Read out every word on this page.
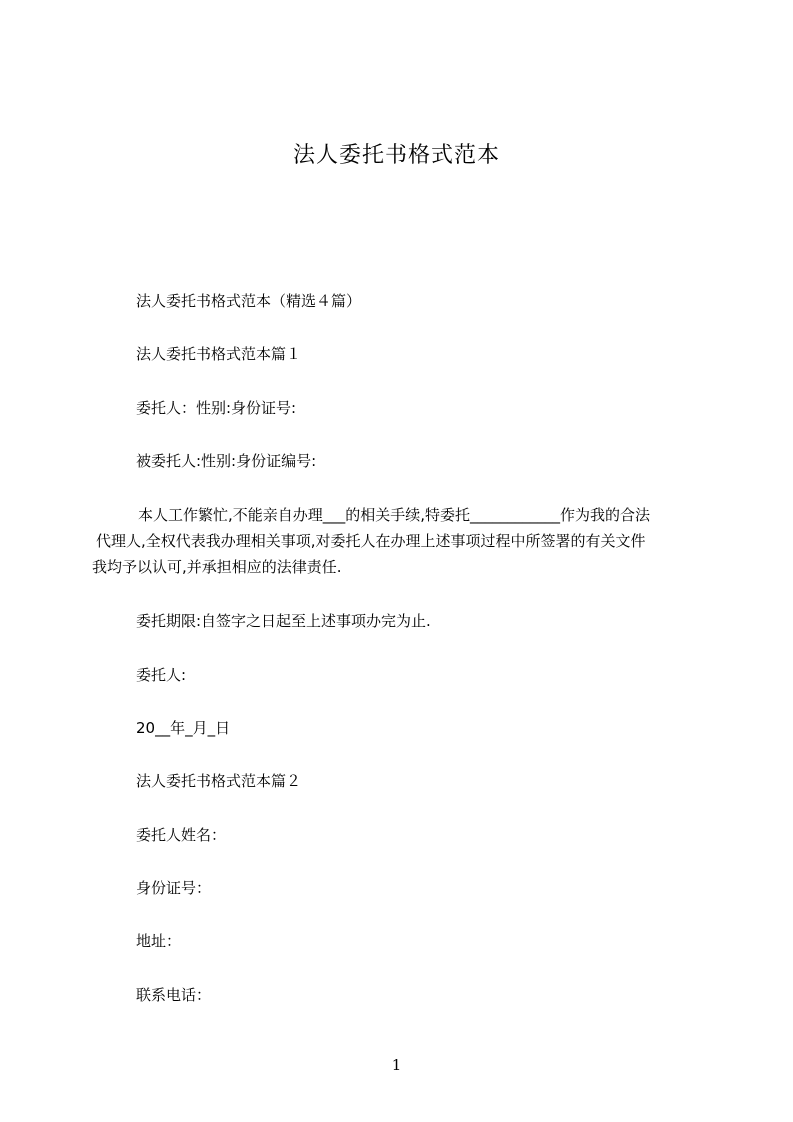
法人委托书格式范本
法人委托书格式范本（精选４篇）
法人委托书格式范本篇１
委托人：性别:身份证号:
被委托人:性别:身份证编号:
本人工作繁忙,不能亲自办理___的相关手续,特委托____________作为我的合法
代理人,全权代表我办理相关事项,对委托人在办理上述事项过程中所签署的有关文件
我均予以认可,并承担相应的法律责任.
委托期限:自签字之日起至上述事项办完为止.
委托人:
20__年_月_日
法人委托书格式范本篇２
委托人姓名：
身份证号：
地址：
联系电话：
1
